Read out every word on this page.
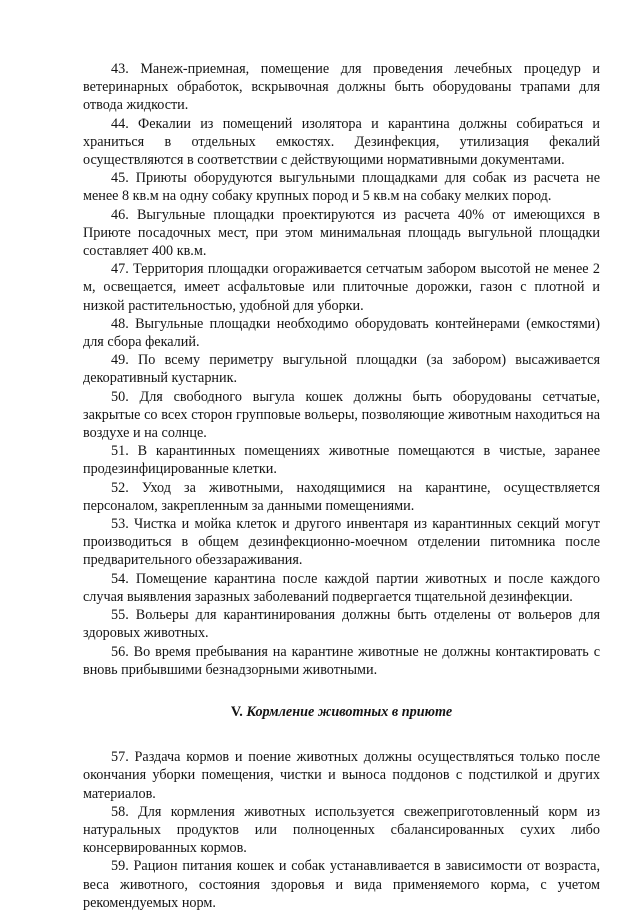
43. Манеж-приемная, помещение для проведения лечебных процедур и ветеринарных обработок, вскрывочная должны быть оборудованы трапами для отвода жидкости.

44. Фекалии из помещений изолятора и карантина должны собираться и храниться в отдельных емкостях. Дезинфекция, утилизация фекалий осуществляются в соответствии с действующими нормативными документами.

45. Приюты оборудуются выгульными площадками для собак из расчета не менее 8 кв.м на одну собаку крупных пород и 5 кв.м на собаку мелких пород.

46. Выгульные площадки проектируются из расчета 40% от имеющихся в Приюте посадочных мест, при этом минимальная площадь выгульной площадки составляет 400 кв.м.

47. Территория площадки огораживается сетчатым забором высотой не менее 2 м, освещается, имеет асфальтовые или плиточные дорожки, газон с плотной и низкой растительностью, удобной для уборки.

48. Выгульные площадки необходимо оборудовать контейнерами (емкостями) для сбора фекалий.

49. По всему периметру выгульной площадки (за забором) высаживается декоративный кустарник.

50. Для свободного выгула кошек должны быть оборудованы сетчатые, закрытые со всех сторон групповые вольеры, позволяющие животным находиться на воздухе и на солнце.

51. В карантинных помещениях животные помещаются в чистые, заранее продезинфицированные клетки.

52. Уход за животными, находящимися на карантине, осуществляется персоналом, закрепленным за данными помещениями.

53. Чистка и мойка клеток и другого инвентаря из карантинных секций могут производиться в общем дезинфекционно-моечном отделении питомника после предварительного обеззараживания.

54. Помещение карантина после каждой партии животных и после каждого случая выявления заразных заболеваний подвергается тщательной дезинфекции.

55. Вольеры для карантинирования должны быть отделены от вольеров для здоровых животных.

56. Во время пребывания на карантине животные не должны контактировать с вновь прибывшими безнадзорными животными.

V. Кормление животных в приюте

57. Раздача кормов и поение животных должны осуществляться только после окончания уборки помещения, чистки и выноса поддонов с подстилкой и других материалов.

58. Для кормления животных используется свежеприготовленный корм из натуральных продуктов или полноценных сбалансированных сухих либо консервированных кормов.

59. Рацион питания кошек и собак устанавливается в зависимости от возраста, веса животного, состояния здоровья и вида применяемого корма, с учетом рекомендуемых норм.
